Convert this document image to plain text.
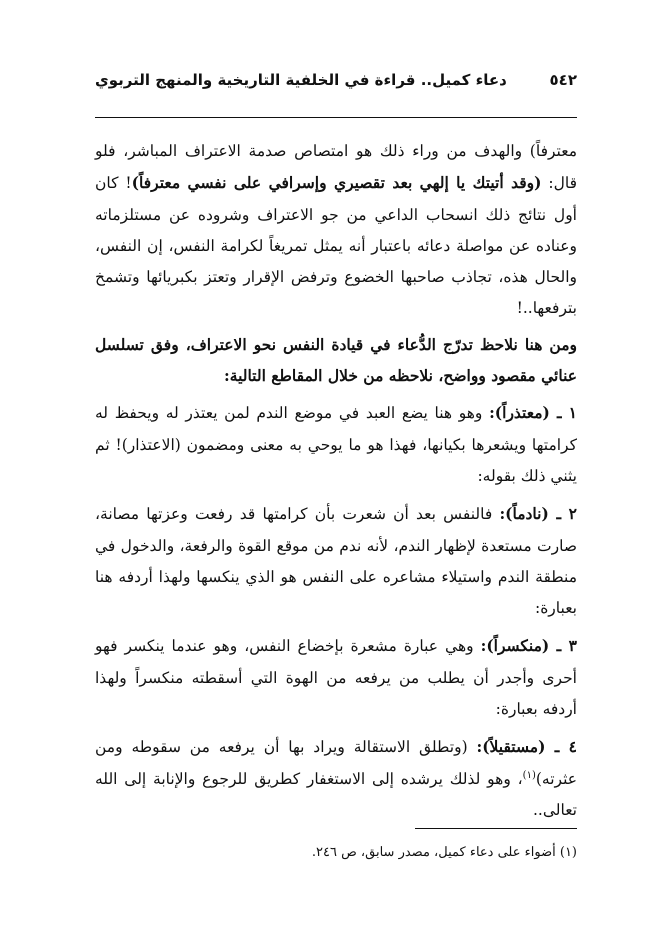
٥٤٢
دعاء كميل.. قراءة في الخلفية التاريخية والمنهج التربوي

معترفاً) والهدف من وراء ذلك هو امتصاص صدمة الاعتراف المباشر، فلو قال: (وقد أتيتك يا إلهي بعد تقصيري وإسرافي على نفسي معترفاً)! كان أول نتائج ذلك انسحاب الداعي من جو الاعتراف وشروده عن مستلزماته وعناده عن مواصلة دعائه باعتبار أنه يمثل تمريغاً لكرامة النفس، إن النفس، والحال هذه، تجاذب صاحبها الخضوع وترفض الإقرار وتعتز بكبريائها وتشمخ بترفعها..!

ومن هنا نلاحظ تدرّج الدُّعاء في قيادة النفس نحو الاعتراف، وفق تسلسل عنائي مقصود وواضح، نلاحظه من خلال المقاطع التالية:

١ ـ (معتذراً): وهو هنا يضع العبد في موضع الندم لمن يعتذر له ويحفظ له كرامتها ويشعرها بكيانها، فهذا هو ما يوحي به معنى ومضمون (الاعتذار)! ثم يثني ذلك بقوله:

٢ ـ (نادماً): فالنفس بعد أن شعرت بأن كرامتها قد رفعت وعزتها مصانة، صارت مستعدة لإظهار الندم، لأنه ندم من موقع القوة والرفعة، والدخول في منطقة الندم واستيلاء مشاعره على النفس هو الذي ينكسها ولهذا أردفه هنا بعبارة:

٣ ـ (منكسراً): وهي عبارة مشعرة بإخضاع النفس، وهو عندما ينكسر فهو أحرى وأجدر أن يطلب من يرفعه من الهوة التي أسقطته منكسراً ولهذا أردفه بعبارة:

٤ ـ (مستقيلاً): (وتطلق الاستقالة ويراد بها أن يرفعه من سقوطه ومن عثرته)$^{(١)}$، وهو لذلك يرشده إلى الاستغفار كطريق للرجوع والإنابة إلى الله تعالى..

(١) أضواء على دعاء كميل، مصدر سابق، ص ٢٤٦.
